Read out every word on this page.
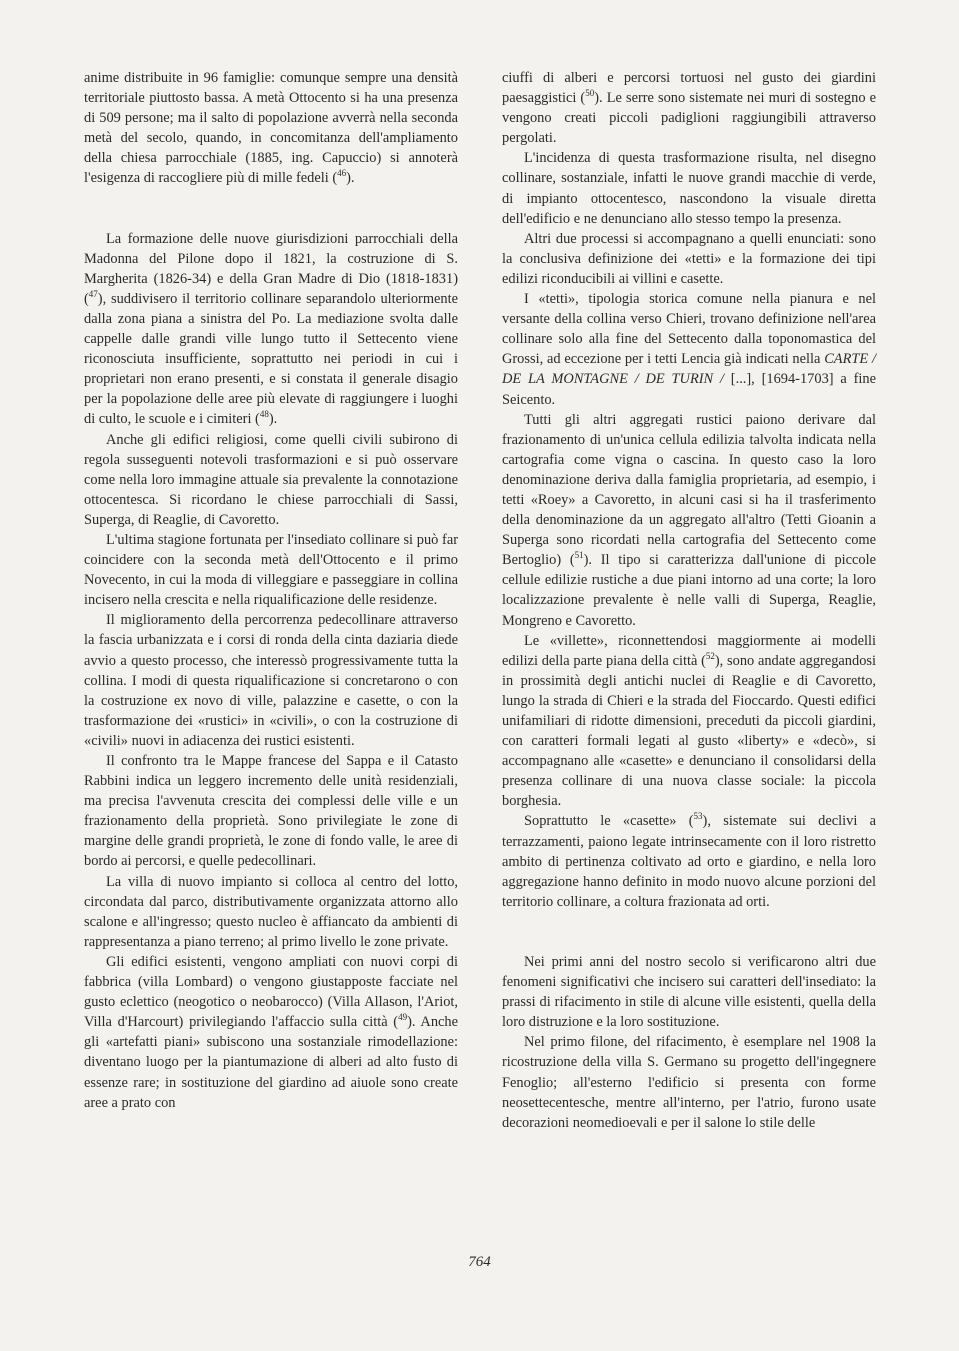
anime distribuite in 96 famiglie: comunque sempre una densità territoriale piuttosto bassa. A metà Ottocento si ha una presenza di 509 persone; ma il salto di popolazione avverrà nella seconda metà del secolo, quando, in concomitanza dell'ampliamento della chiesa parrocchiale (1885, ing. Capuccio) si annoterà l'esigenza di raccogliere più di mille fedeli ($^{46}$).

La formazione delle nuove giurisdizioni parrocchiali della Madonna del Pilone dopo il 1821, la costruzione di S. Margherita (1826-34) e della Gran Madre di Dio (1818-1831) ($^{47}$), suddivisero il territorio collinare separandolo ulteriormente dalla zona piana a sinistra del Po. La mediazione svolta dalle cappelle dalle grandi ville lungo tutto il Settecento viene riconosciuta insufficiente, soprattutto nei periodi in cui i proprietari non erano presenti, e si constata il generale disagio per la popolazione delle aree più elevate di raggiungere i luoghi di culto, le scuole e i cimiteri ($^{48}$).

Anche gli edifici religiosi, come quelli civili subirono di regola susseguenti notevoli trasformazioni e si può osservare come nella loro immagine attuale sia prevalente la connotazione ottocentesca. Si ricordano le chiese parrocchiali di Sassi, Superga, di Reaglie, di Cavoretto.

L'ultima stagione fortunata per l'insediato collinare si può far coincidere con la seconda metà dell'Ottocento e il primo Novecento, in cui la moda di villeggiare e passeggiare in collina incisero nella crescita e nella riqualificazione delle residenze.

Il miglioramento della percorrenza pedecollinare attraverso la fascia urbanizzata e i corsi di ronda della cinta daziaria diede avvio a questo processo, che interessò progressivamente tutta la collina. I modi di questa riqualificazione si concretarono o con la costruzione ex novo di ville, palazzine e casette, o con la trasformazione dei «rustici» in «civili», o con la costruzione di «civili» nuovi in adiacenza dei rustici esistenti.

Il confronto tra le Mappe francese del Sappa e il Catasto Rabbini indica un leggero incremento delle unità residenziali, ma precisa l'avvenuta crescita dei complessi delle ville e un frazionamento della proprietà. Sono privilegiate le zone di margine delle grandi proprietà, le zone di fondo valle, le aree di bordo ai percorsi, e quelle pedecollinari.

La villa di nuovo impianto si colloca al centro del lotto, circondata dal parco, distributivamente organizzata attorno allo scalone e all'ingresso; questo nucleo è affiancato da ambienti di rappresentanza a piano terreno; al primo livello le zone private.

Gli edifici esistenti, vengono ampliati con nuovi corpi di fabbrica (villa Lombard) o vengono giustapposte facciate nel gusto eclettico (neogotico o neobarocco) (Villa Allason, l'Ariot, Villa d'Harcourt) privilegiando l'affaccio sulla città ($^{49}$). Anche gli «artefatti piani» subiscono una sostanziale rimodellazione: diventano luogo per la piantumazione di alberi ad alto fusto di essenze rare; in sostituzione del giardino ad aiuole sono create aree a prato con

ciuffi di alberi e percorsi tortuosi nel gusto dei giardini paesaggistici ($^{50}$). Le serre sono sistemate nei muri di sostegno e vengono creati piccoli padiglioni raggiungibili attraverso pergolati.

L'incidenza di questa trasformazione risulta, nel disegno collinare, sostanziale, infatti le nuove grandi macchie di verde, di impianto ottocentesco, nascondono la visuale diretta dell'edificio e ne denunciano allo stesso tempo la presenza.

Altri due processi si accompagnano a quelli enunciati: sono la conclusiva definizione dei «tetti» e la formazione dei tipi edilizi riconducibili ai villini e casette.

I «tetti», tipologia storica comune nella pianura e nel versante della collina verso Chieri, trovano definizione nell'area collinare solo alla fine del Settecento dalla toponomastica del Grossi, ad eccezione per i tetti Lencia già indicati nella CARTE / DE LA MONTAGNE / DE TURIN / [...], [1694-1703] a fine Seicento.

Tutti gli altri aggregati rustici paiono derivare dal frazionamento di un'unica cellula edilizia talvolta indicata nella cartografia come vigna o cascina. In questo caso la loro denominazione deriva dalla famiglia proprietaria, ad esempio, i tetti «Roey» a Cavoretto, in alcuni casi si ha il trasferimento della denominazione da un aggregato all'altro (Tetti Gioanin a Superga sono ricordati nella cartografia del Settecento come Bertoglio) ($^{51}$). Il tipo si caratterizza dall'unione di piccole cellule edilizie rustiche a due piani intorno ad una corte; la loro localizzazione prevalente è nelle valli di Superga, Reaglie, Mongreno e Cavoretto.

Le «villette», riconnettendosi maggiormente ai modelli edilizi della parte piana della città ($^{52}$), sono andate aggregandosi in prossimità degli antichi nuclei di Reaglie e di Cavoretto, lungo la strada di Chieri e la strada del Fioccardo. Questi edifici unifamiliari di ridotte dimensioni, preceduti da piccoli giardini, con caratteri formali legati al gusto «liberty» e «decò», si accompagnano alle «casette» e denunciano il consolidarsi della presenza collinare di una nuova classe sociale: la piccola borghesia.

Soprattutto le «casette» ($^{53}$), sistemate sui declivi a terrazzamenti, paiono legate intrinsecamente con il loro ristretto ambito di pertinenza coltivato ad orto e giardino, e nella loro aggregazione hanno definito in modo nuovo alcune porzioni del territorio collinare, a coltura frazionata ad orti.

Nei primi anni del nostro secolo si verificarono altri due fenomeni significativi che incisero sui caratteri dell'insediato: la prassi di rifacimento in stile di alcune ville esistenti, quella della loro distruzione e la loro sostituzione.

Nel primo filone, del rifacimento, è esemplare nel 1908 la ricostruzione della villa S. Germano su progetto dell'ingegnere Fenoglio; all'esterno l'edificio si presenta con forme neosettecentesche, mentre all'interno, per l'atrio, furono usate decorazioni neomedioevali e per il salone lo stile delle

764
